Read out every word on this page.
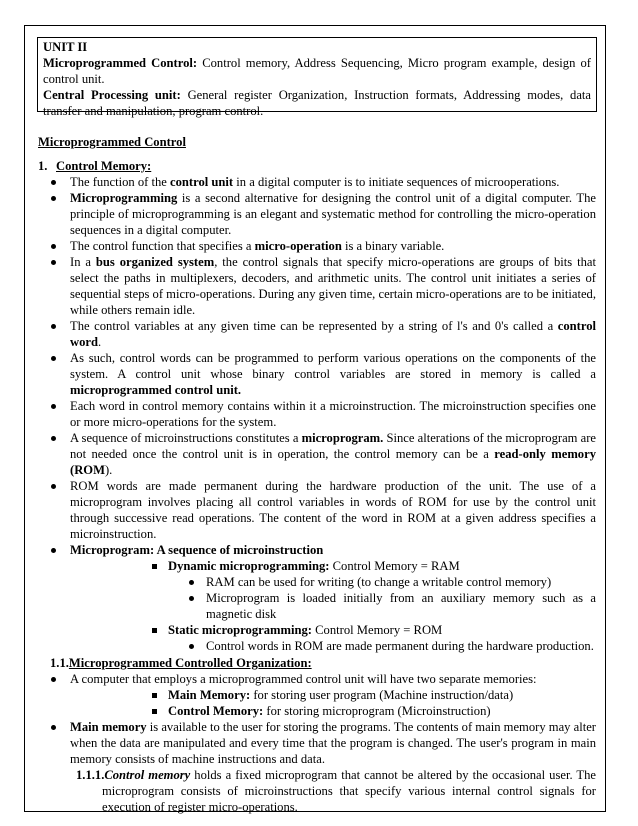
UNIT II

Microprogrammed Control: Control memory, Address Sequencing, Micro program example, design of control unit.

Central Processing unit: General register Organization, Instruction formats, Addressing modes, data transfer and manipulation, program control.

Microprogrammed Control

1. Control Memory:

The function of the control unit in a digital computer is to initiate sequences of microoperations.
Microprogramming is a second alternative for designing the control unit of a digital computer. The principle of microprogramming is an elegant and systematic method for controlling the micro-operation sequences in a digital computer.
The control function that specifies a micro-operation is a binary variable.
In a bus organized system, the control signals that specify micro-operations are groups of bits that select the paths in multiplexers, decoders, and arithmetic units. The control unit initiates a series of sequential steps of micro-operations. During any given time, certain micro-operations are to be initiated, while others remain idle.
The control variables at any given time can be represented by a string of l's and 0's called a control word.
As such, control words can be programmed to perform various operations on the components of the system. A control unit whose binary control variables are stored in memory is called a microprogrammed control unit.
Each word in control memory contains within it a microinstruction. The microinstruction specifies one or more micro-operations for the system.
A sequence of microinstructions constitutes a microprogram. Since alterations of the microprogram are not needed once the control unit is in operation, the control memory can be a read-only memory (ROM).
ROM words are made permanent during the hardware production of the unit. The use of a microprogram involves placing all control variables in words of ROM for use by the control unit through successive read operations. The content of the word in ROM at a given address specifies a microinstruction.
Microprogram: A sequence of microinstruction
Dynamic microprogramming: Control Memory = RAM
RAM can be used for writing (to change a writable control memory)
Microprogram is loaded initially from an auxiliary memory such as a magnetic disk
Static microprogramming: Control Memory = ROM
Control words in ROM are made permanent during the hardware production.

1.1.Microprogrammed Controlled Organization:

A computer that employs a microprogrammed control unit will have two separate memories:
Main Memory: for storing user program (Machine instruction/data)
Control Memory: for storing microprogram (Microinstruction)
Main memory is available to the user for storing the programs. The contents of main memory may alter when the data are manipulated and every time that the program is changed. The user's program in main memory consists of machine instructions and data.

1.1.1.Control memory holds a fixed microprogram that cannot be altered by the occasional user. The microprogram consists of microinstructions that specify various internal control signals for execution of register micro-operations.
